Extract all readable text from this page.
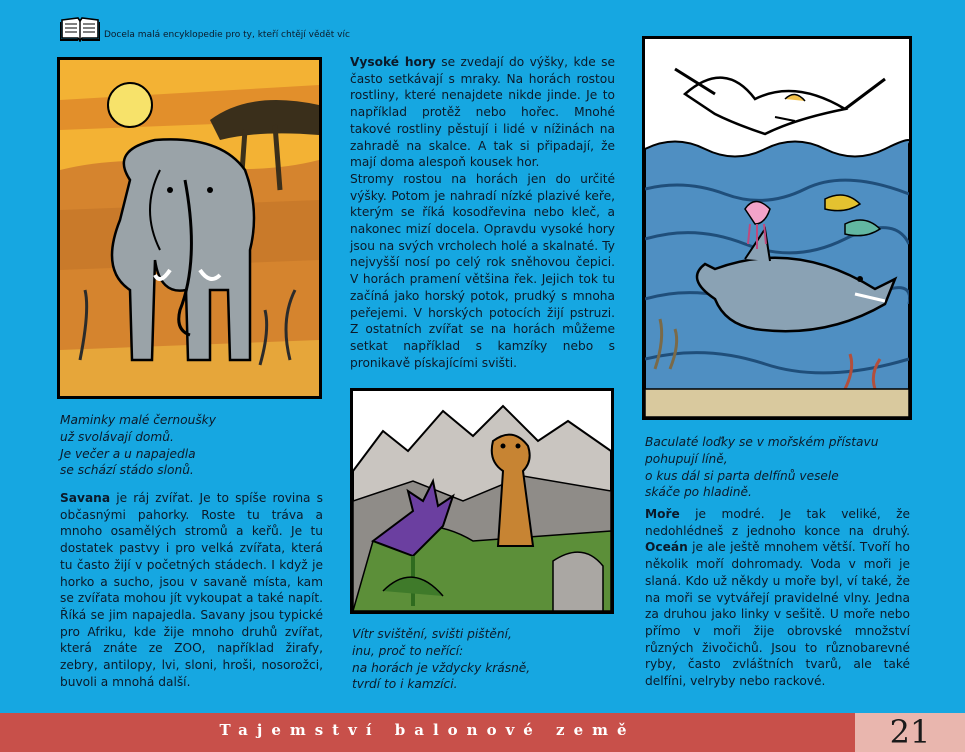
Docela malá encyklopedie pro ty, kteří chtějí vědět víc
Maminky malé černoušky
už svolávají domů.
Je večer a u napajedla
se schází stádo slonů.

Savana je ráj zvířat. Je to spíše rovina s občasnými pahorky. Roste tu tráva a mnoho osamělých stromů a keřů. Je tu dostatek pastvy i pro velká zvířata, která tu často žijí v početných stádech. I když je horko a sucho, jsou v savaně místa, kam se zvířata mohou jít vykoupat a také napít. Říká se jim napajedla. Savany jsou typické pro Afriku, kde žije mnoho druhů zvířat, která znáte ze ZOO, například žirafy, zebry, antilopy, lvi, sloni, hroši, nosorožci, buvoli a mnohá další.

Vysoké hory se zvedají do výšky, kde se často setkávají s mraky. Na horách rostou rostliny, které nenajdete nikde jinde. Je to například protěž nebo hořec. Mnohé takové rostliny pěstují i lidé v nížinách na zahradě na skalce. A tak si připadají, že mají doma alespoň kousek hor.
Stromy rostou na horách jen do určité výšky. Potom je nahradí nízké plazivé keře, kterým se říká kosodřevina nebo kleč, a nakonec mizí docela. Opravdu vysoké hory jsou na svých vrcholech holé a skalnaté. Ty nejvyšší nosí po celý rok sněhovou čepici. V horách pramení většina řek. Jejich tok tu začíná jako horský potok, prudký s mnoha peřejemi. V horských potocích žijí pstruzi. Z ostatních zvířat se na horách můžeme setkat například s kamzíky nebo s pronikavě pískajícími svišti.

Vítr svištění, svišti pištění,
inu, proč to neřící:
na horách je vždycky krásně,
tvrdí to i kamzíci.
Baculaté loďky se v mořském přístavu
pohupují líně,
o kus dál si parta delfínů vesele
skáče po hladině.

Moře je modré. Je tak veliké, že nedohlédneš z jednoho konce na druhý. Oceán je ale ještě mnohem větší. Tvoří ho několik moří dohromady. Voda v moři je slaná. Kdo už někdy u moře byl, ví také, že na moři se vytvářejí pravidelné vlny. Jedna za druhou jako linky v sešitě. U moře nebo přímo v moři žije obrovské množství různých živočichů. Jsou to různobarevné ryby, často zvláštních tvarů, ale také delfíni, velryby nebo rackové.

Tajemství balonové země	21
